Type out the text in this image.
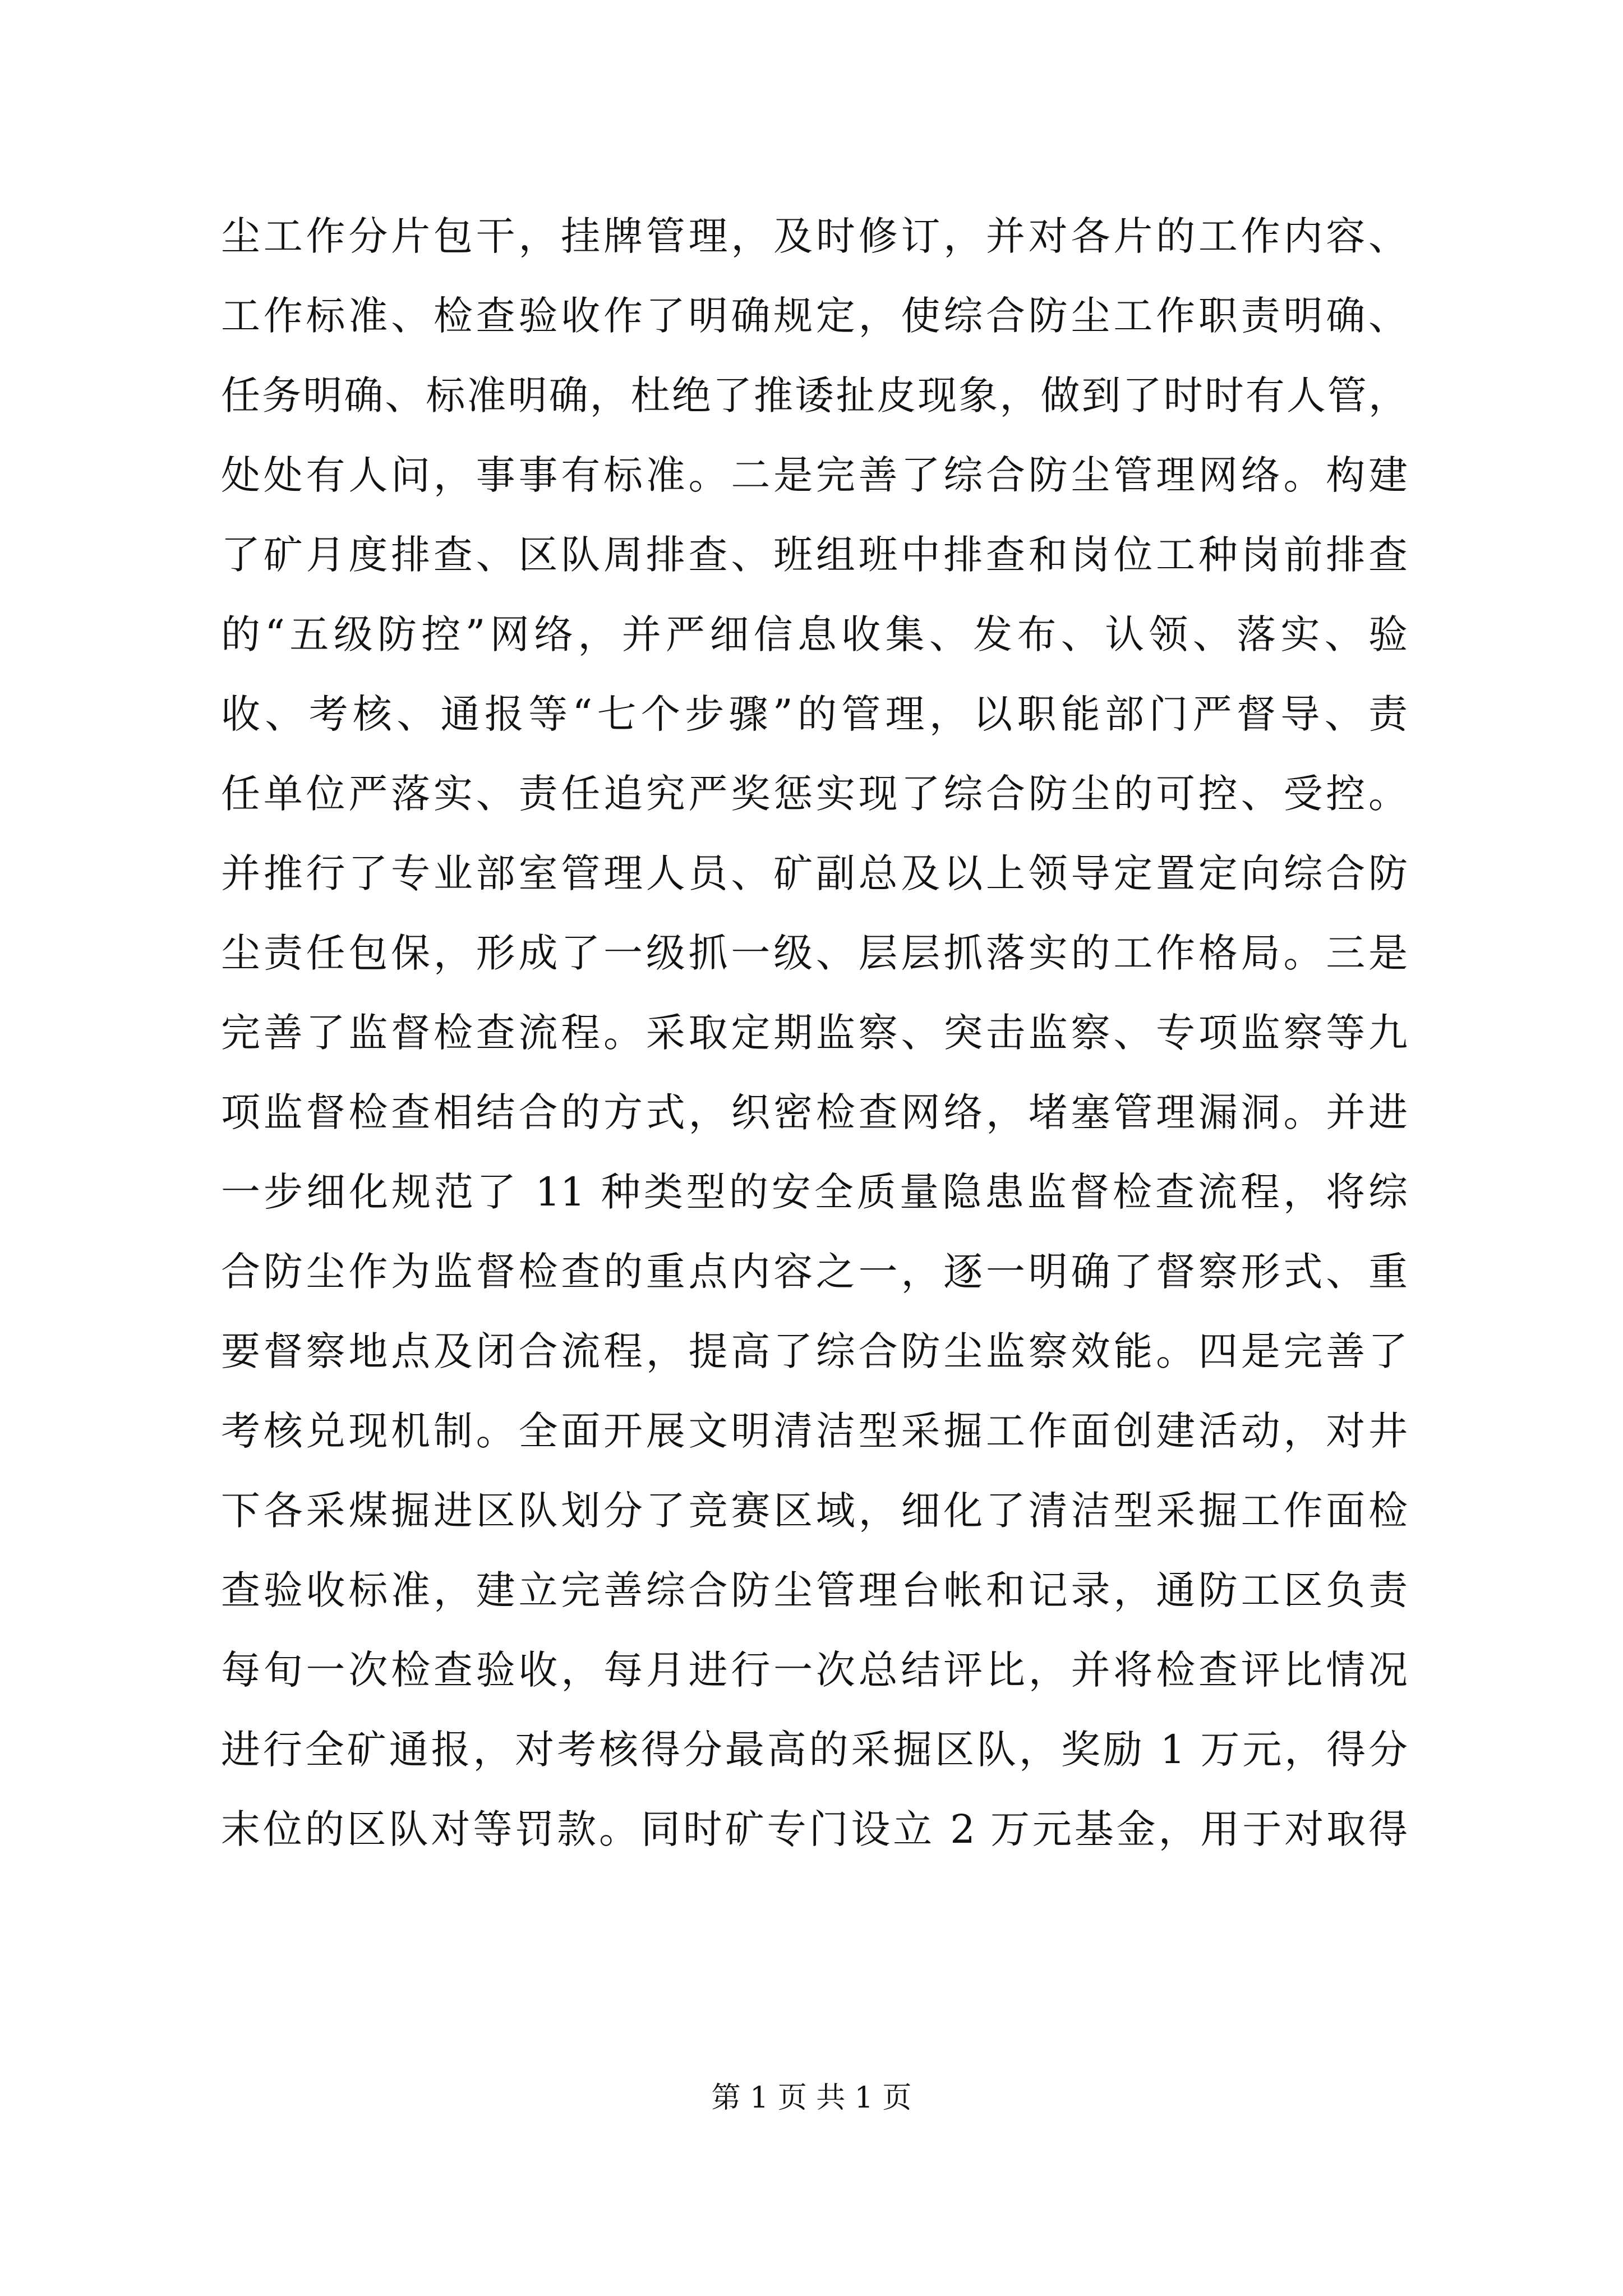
尘工作分片包干，挂牌管理，及时修订，并对各片的工作内容、
工作标准、检查验收作了明确规定，使综合防尘工作职责明确、
任务明确、标准明确，杜绝了推诿扯皮现象，做到了时时有人管，
处处有人问，事事有标准。二是完善了综合防尘管理网络。构建
了矿月度排查、区队周排查、班组班中排查和岗位工种岗前排查
的“五级防控”网络，并严细信息收集、发布、认领、落实、验
收、考核、通报等“七个步骤”的管理，以职能部门严督导、责
任单位严落实、责任追究严奖惩实现了综合防尘的可控、受控。
并推行了专业部室管理人员、矿副总及以上领导定置定向综合防
尘责任包保，形成了一级抓一级、层层抓落实的工作格局。三是
完善了监督检查流程。采取定期监察、突击监察、专项监察等九
项监督检查相结合的方式，织密检查网络，堵塞管理漏洞。并进
一步细化规范了 11 种类型的安全质量隐患监督检查流程，将综
合防尘作为监督检查的重点内容之一，逐一明确了督察形式、重
要督察地点及闭合流程，提高了综合防尘监察效能。四是完善了
考核兑现机制。全面开展文明清洁型采掘工作面创建活动，对井
下各采煤掘进区队划分了竞赛区域，细化了清洁型采掘工作面检
查验收标准，建立完善综合防尘管理台帐和记录，通防工区负责
每旬一次检查验收，每月进行一次总结评比，并将检查评比情况
进行全矿通报，对考核得分最高的采掘区队，奖励 1 万元，得分
末位的区队对等罚款。同时矿专门设立 2 万元基金，用于对取得
第 1 页 共 1 页
